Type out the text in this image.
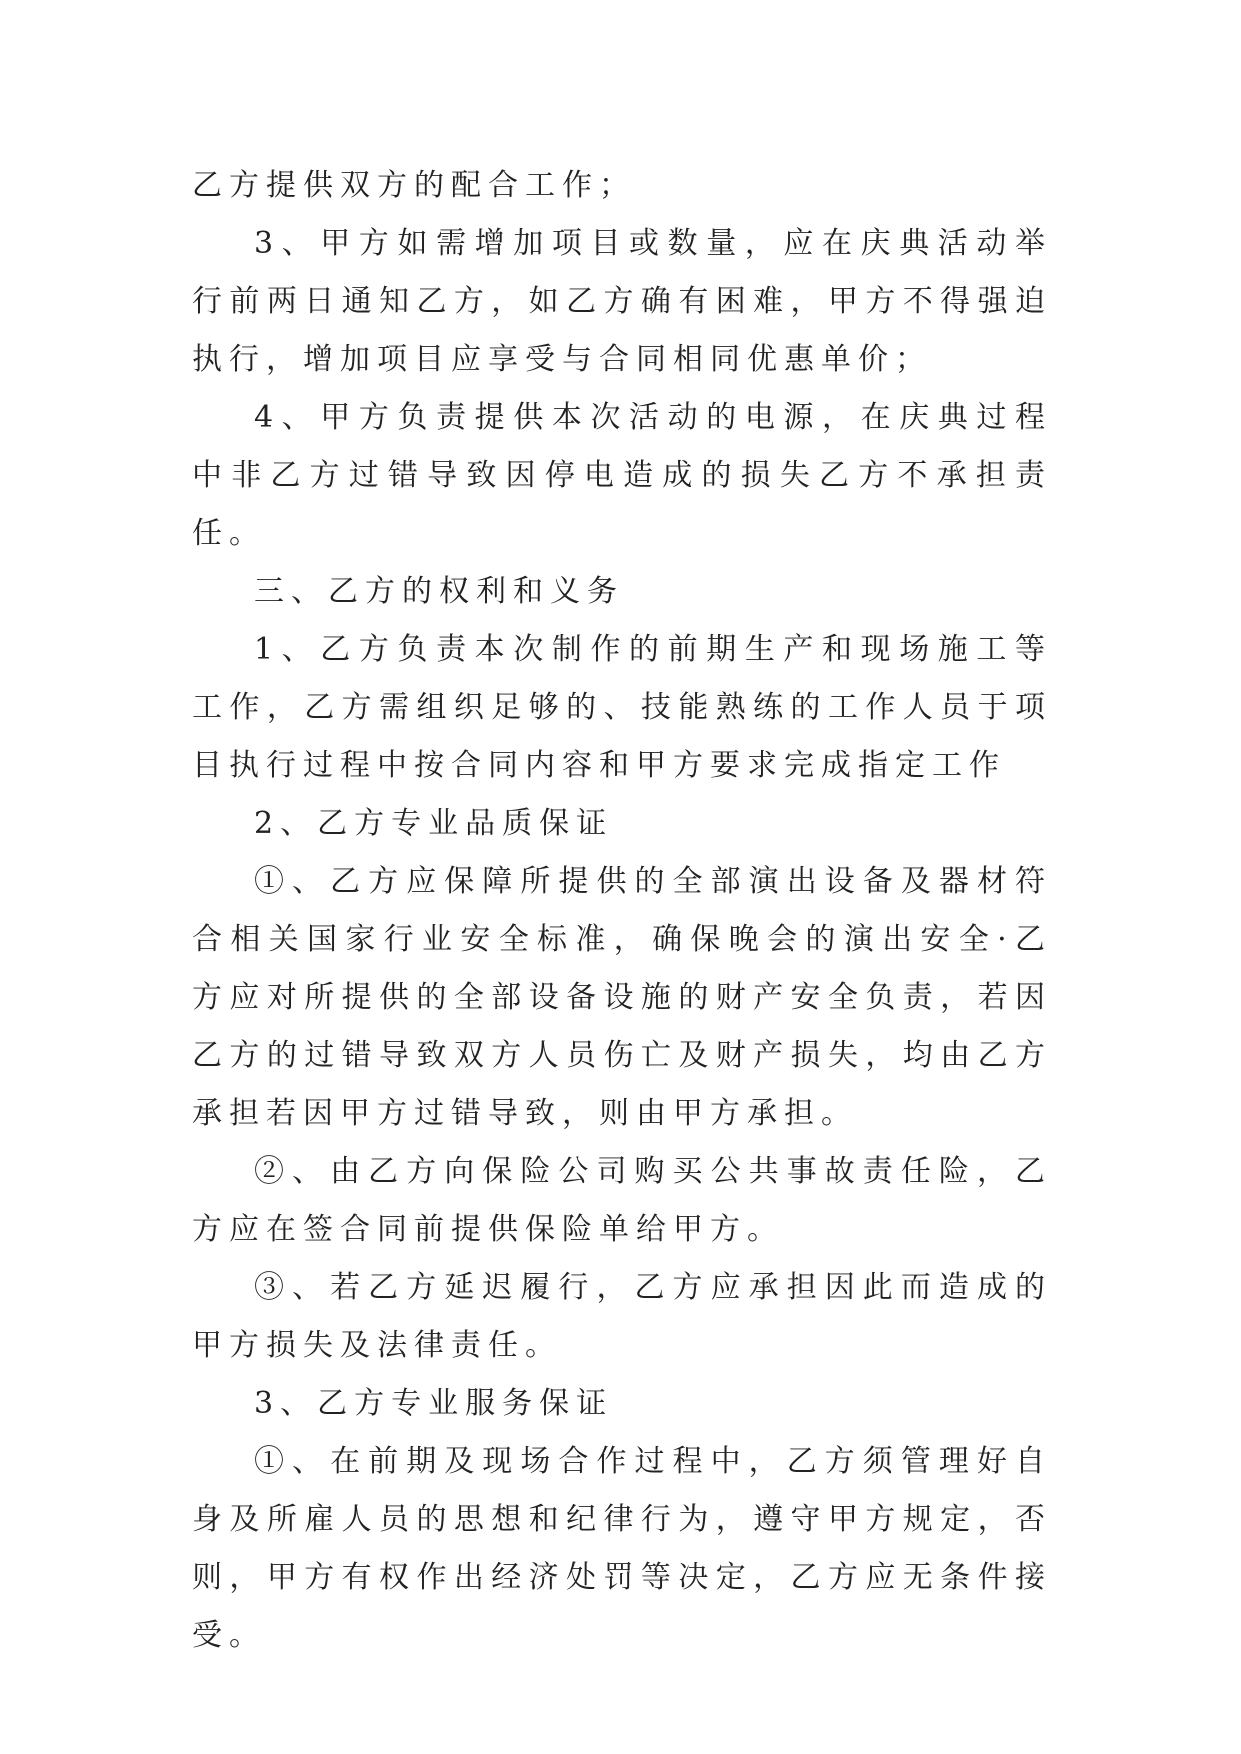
乙方提供双方的配合工作；

3、甲方如需增加项目或数量，应在庆典活动举行前两日通知乙方，如乙方确有困难，甲方不得强迫执行，增加项目应享受与合同相同优惠单价；

4、甲方负责提供本次活动的电源，在庆典过程中非乙方过错导致因停电造成的损失乙方不承担责任。

三、乙方的权利和义务

1、乙方负责本次制作的前期生产和现场施工等工作，乙方需组织足够的、技能熟练的工作人员于项目执行过程中按合同内容和甲方要求完成指定工作

2、乙方专业品质保证

①、乙方应保障所提供的全部演出设备及器材符合相关国家行业安全标准，确保晚会的演出安全·乙方应对所提供的全部设备设施的财产安全负责，若因乙方的过错导致双方人员伤亡及财产损失，均由乙方承担若因甲方过错导致，则由甲方承担。

②、由乙方向保险公司购买公共事故责任险，乙方应在签合同前提供保险单给甲方。

③、若乙方延迟履行，乙方应承担因此而造成的甲方损失及法律责任。

3、乙方专业服务保证

①、在前期及现场合作过程中，乙方须管理好自身及所雇人员的思想和纪律行为，遵守甲方规定，否则，甲方有权作出经济处罚等决定，乙方应无条件接受。
